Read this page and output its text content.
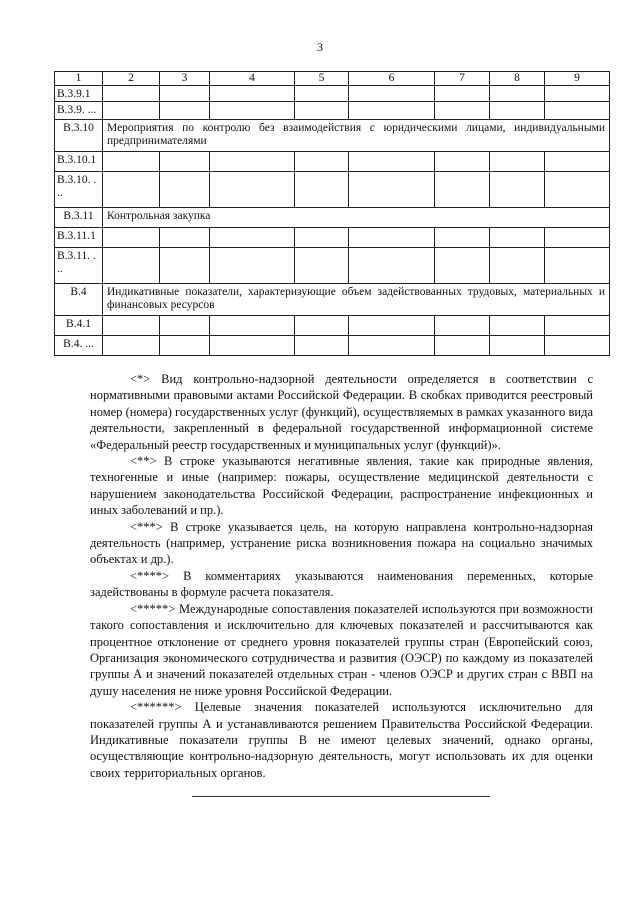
3
1	2	3	4	5	6	7	8	9
B.3.9.1								
B.3.9. ...								
B.3.10	Мероприятия по контролю без взаимодействия с юридическими лицами, индивидуальными предпринимателями							
B.3.10.1								
B.3.10. . ..								
B.3.11	Контрольная закупка							
B.3.11.1								
B.3.11. . ..								
B.4	Индикативные показатели, характеризующие объем задействованных трудовых, материальных и финансовых ресурсов							
B.4.1								
B.4. ...								

<*> Вид контрольно-надзорной деятельности определяется в соответствии с нормативными правовыми актами Российской Федерации. В скобках приводится реестровый номер (номера) государственных услуг (функций), осуществляемых в рамках указанного вида деятельности, закрепленный в федеральной государственной информационной системе «Федеральный реестр государственных и муниципальных услуг (функций)».

<**> В строке указываются негативные явления, такие как природные явления, техногенные и иные (например: пожары, осуществление медицинской деятельности с нарушением законодательства Российской Федерации, распространение инфекционных и иных заболеваний и пр.).

<***> В строке указывается цель, на которую направлена контрольно-надзорная деятельность (например, устранение риска возникновения пожара на социально значимых объектах и др.).

<****> В комментариях указываются наименования переменных, которые задействованы в формуле расчета показателя.

<*****> Международные сопоставления показателей используются при возможности такого сопоставления и исключительно для ключевых показателей и рассчитываются как процентное отклонение от среднего уровня показателей группы стран (Европейский союз, Организация экономического сотрудничества и развития (ОЭСР) по каждому из показателей группы А и значений показателей отдельных стран - членов ОЭСР и других стран с ВВП на душу населения не ниже уровня Российской Федерации.

<******> Целевые значения показателей используются исключительно для показателей группы А и устанавливаются решением Правительства Российской Федерации. Индикативные показатели группы В не имеют целевых значений, однако органы, осуществляющие контрольно-надзорную деятельность, могут использовать их для оценки своих территориальных органов.
